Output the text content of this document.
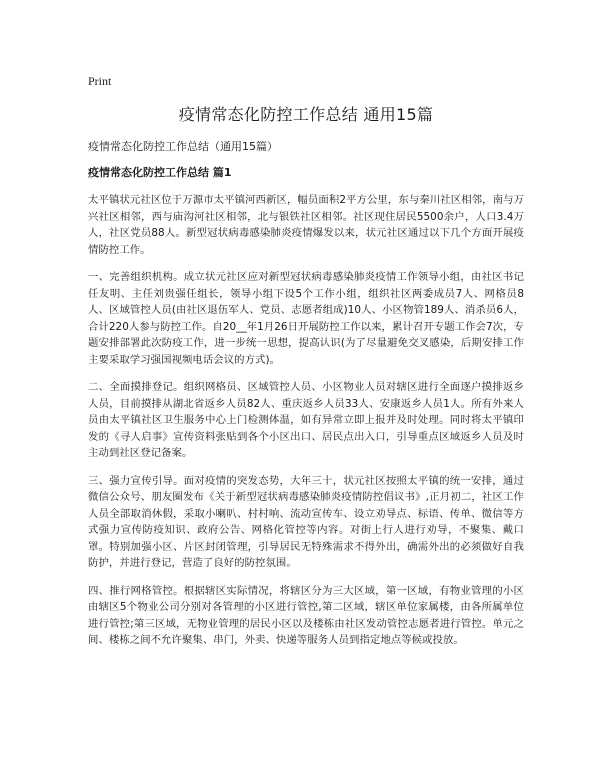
Print
疫情常态化防控工作总结 通用15篇

疫情常态化防控工作总结（通用15篇）

疫情常态化防控工作总结 篇1

太平镇状元社区位于万源市太平镇河西新区，幅员面积2平方公里，东与秦川社区相邻，南与万兴社区相邻，西与庙沟河社区相邻，北与银铁社区相邻。社区现住居民5500余户，人口3.4万人，社区党员88人。新型冠状病毒感染肺炎疫情爆发以来，状元社区通过以下几个方面开展疫情防控工作。

一、完善组织机构。成立状元社区应对新型冠状病毒感染肺炎疫情工作领导小组，由社区书记任友明、主任刘贵强任组长，领导小组下设5个工作小组，组织社区两委成员7人、网格员8人、区域管控人员(由社区退伍军人、党员、志愿者组成)10人、小区物管189人、消杀员6人，合计220人参与防控工作。自20__年1月26日开展防控工作以来，累计召开专题工作会7次，专题安排部署此次防疫工作，进一步统一思想，提高认识(为了尽量避免交叉感染，后期安排工作主要采取学习强国视频电话会议的方式)。

二、全面摸排登记。组织网格员、区域管控人员、小区物业人员对辖区进行全面逐户摸排返乡人员，目前摸排从湖北省返乡人员82人、重庆返乡人员33人、安康返乡人员1人。所有外来人员由太平镇社区卫生服务中心上门检测体温，如有异常立即上报并及时处理。同时将太平镇印发的《寻人启事》宣传资料张贴到各个小区出口、居民点出入口，引导重点区域返乡人员及时主动到社区登记备案。

三、强力宣传引导。面对疫情的突发态势，大年三十，状元社区按照太平镇的统一安排，通过微信公众号、朋友圈发布《关于新型冠状病毒感染肺炎疫情防控倡议书》,正月初二，社区工作人员全部取消休假，采取小喇叭、村村响、流动宣传车、设立劝导点、标语、传单、微信等方式强力宣传防疫知识、政府公告、网格化管控等内容。对街上行人进行劝导，不聚集、戴口罩。特别加强小区、片区封闭管理，引导居民无特殊需求不得外出，确需外出的必须做好自我防护，并进行登记，营造了良好的防控氛围。

四、推行网格管控。根据辖区实际情况，将辖区分为三大区域，第一区域，有物业管理的小区由辖区5个物业公司分别对各管理的小区进行管控,第二区域，辖区单位家属楼，由各所属单位进行管控;第三区域，无物业管理的居民小区以及楼栋由社区发动管控志愿者进行管控。单元之间、楼栋之间不允许聚集、串门，外卖、快递等服务人员到指定地点等候或投放。
